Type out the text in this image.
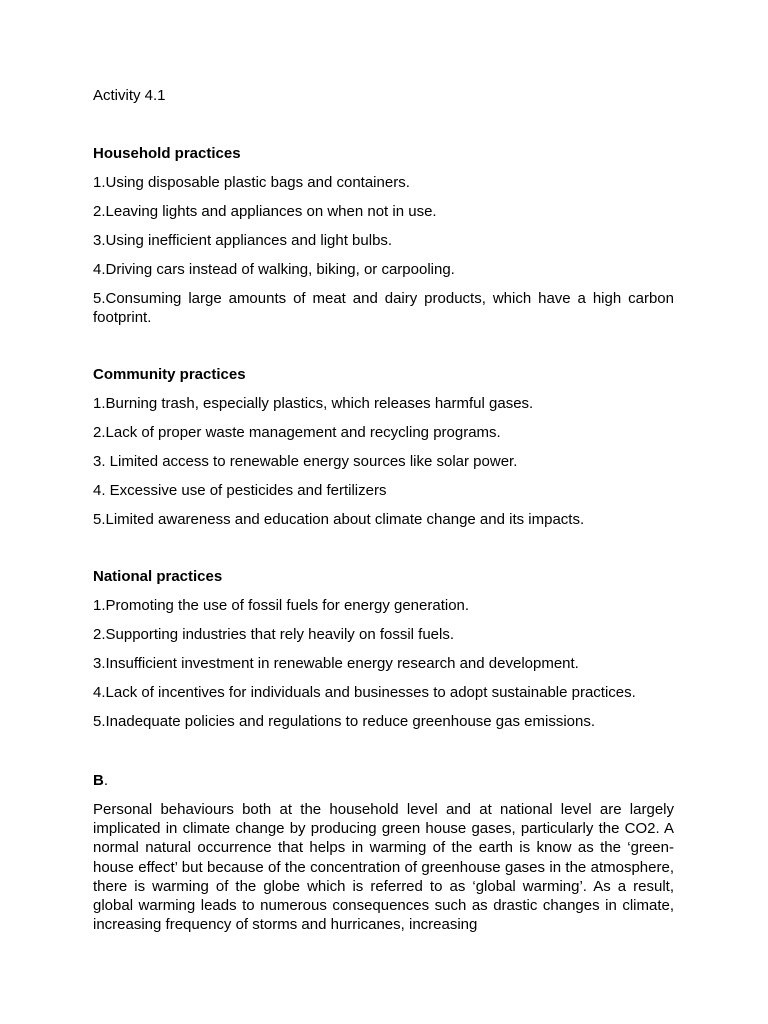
Activity 4.1

Household practices

1.Using disposable plastic bags and containers.

2.Leaving lights and appliances on when not in use.

3.Using inefficient appliances and light bulbs.

4.Driving cars instead of walking, biking, or carpooling.

5.Consuming large amounts of meat and dairy products, which have a high carbon footprint.

Community practices

1.Burning trash, especially plastics, which releases harmful gases.

2.Lack of proper waste management and recycling programs.

3. Limited access to renewable energy sources like solar power.

4. Excessive use of pesticides and fertilizers

5.Limited awareness and education about climate change and its impacts.

National practices

1.Promoting the use of fossil fuels for energy generation.

2.Supporting industries that rely heavily on fossil fuels.

3.Insufficient investment in renewable energy research and development.

4.Lack of incentives for individuals and businesses to adopt sustainable practices.

5.Inadequate policies and regulations to reduce greenhouse gas emissions.

B.

Personal behaviours both at the household level and at national level are largely implicated in climate change by producing green house gases, particularly the CO2. A normal natural occurrence that helps in warming of the earth is know as the ‘green-house effect’ but because of the concentration of greenhouse gases in the atmosphere, there is warming of the globe which is referred to as ‘global warming’. As a result, global warming leads to numerous consequences such as drastic changes in climate, increasing frequency of storms and hurricanes, increasing
